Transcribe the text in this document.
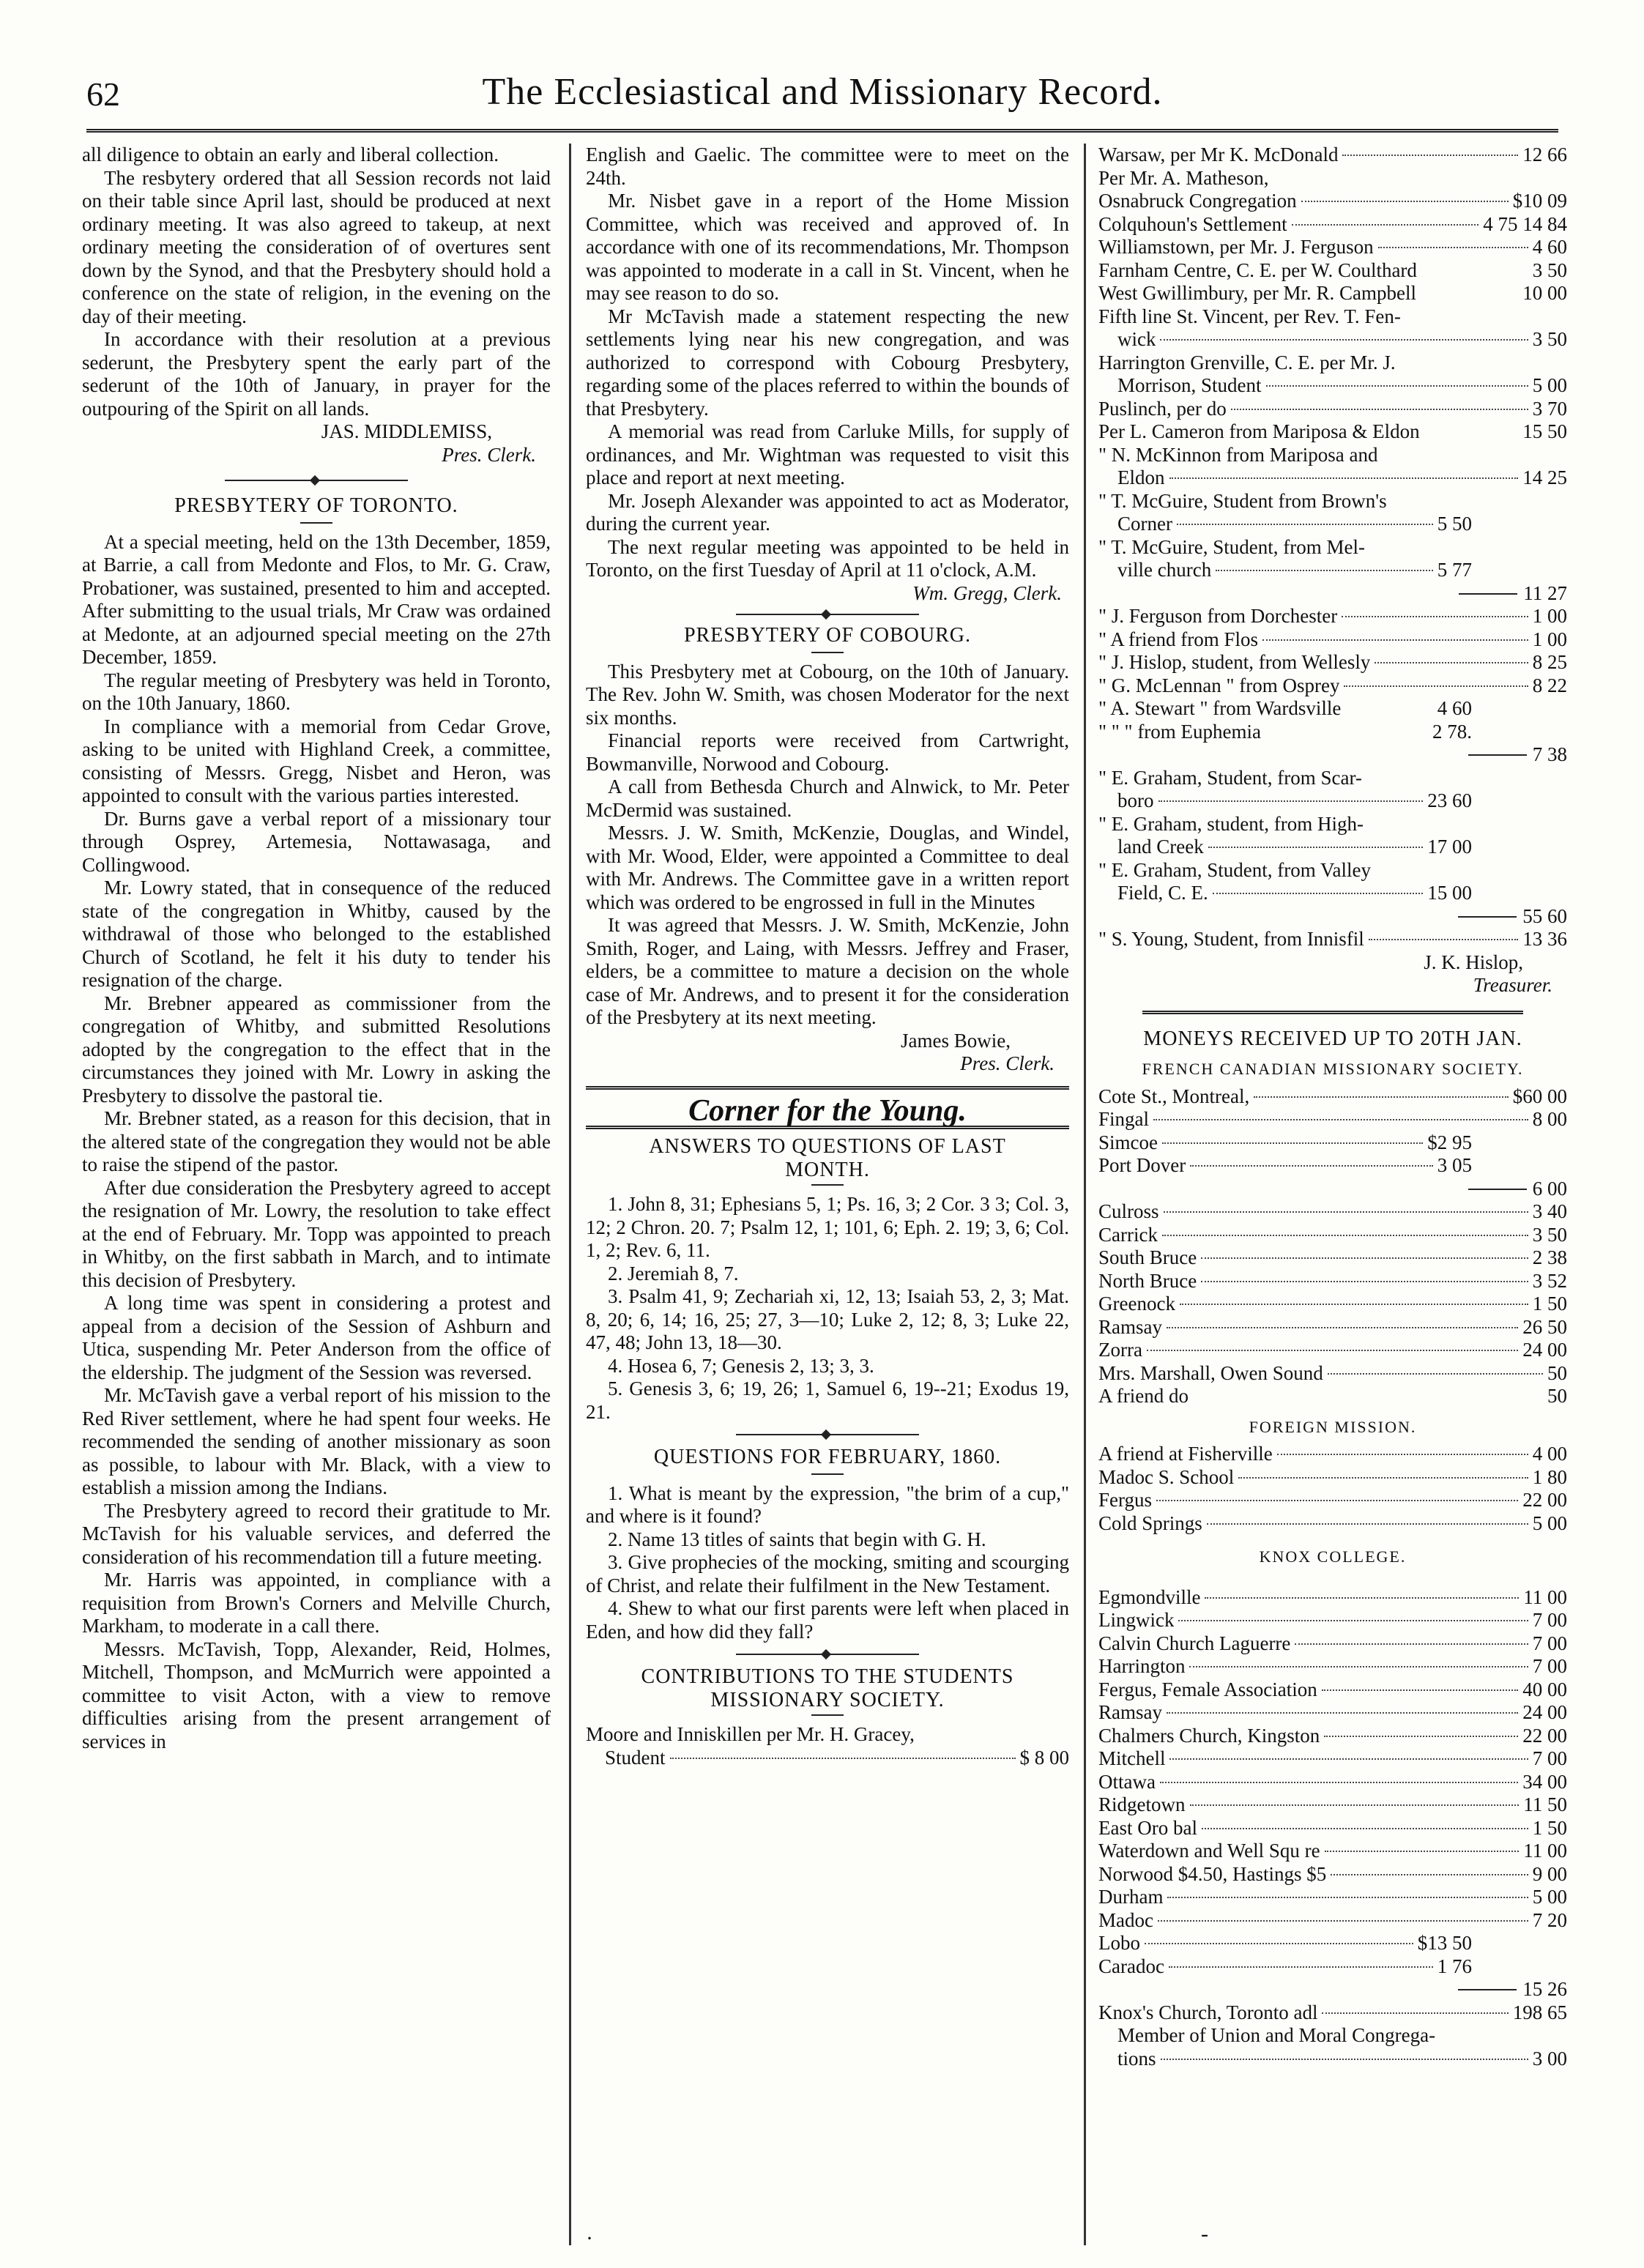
62	The Ecclesiastical and Missionary Record.

all diligence to obtain an early and liberal collection.

The resbytery ordered that all Session records not laid on their table since April last, should be produced at next ordinary meeting. It was also agreed to takeup, at next ordinary meeting the consideration of of overtures sent down by the Synod, and that the Presbytery should hold a conference on the state of religion, in the evening on the day of their meeting.

In accordance with their resolution at a previous sederunt, the Presbytery spent the early part of the sederunt of the 10th of January, in prayer for the outpouring of the Spirit on all lands.

JAS. MIDDLEMISS,
Pres. Clerk.
PRESBYTERY OF TORONTO.

At a special meeting, held on the 13th December, 1859, at Barrie, a call from Medonte and Flos, to Mr. G. Craw, Probationer, was sustained, presented to him and accepted. After submitting to the usual trials, Mr Craw was ordained at Medonte, at an adjourned special meeting on the 27th December, 1859.

The regular meeting of Presbytery was held in Toronto, on the 10th January, 1860.

In compliance with a memorial from Cedar Grove, asking to be united with Highland Creek, a committee, consisting of Messrs. Gregg, Nisbet and Heron, was appointed to consult with the various parties interested.

Dr. Burns gave a verbal report of a missionary tour through Osprey, Artemesia, Nottawasaga, and Collingwood.

Mr. Lowry stated, that in consequence of the reduced state of the congregation in Whitby, caused by the withdrawal of those who belonged to the established Church of Scotland, he felt it his duty to tender his resignation of the charge.

Mr. Brebner appeared as commissioner from the congregation of Whitby, and submitted Resolutions adopted by the congregation to the effect that in the circumstances they joined with Mr. Lowry in asking the Presbytery to dissolve the pastoral tie.

Mr. Brebner stated, as a reason for this decision, that in the altered state of the congregation they would not be able to raise the stipend of the pastor.

After due consideration the Presbytery agreed to accept the resignation of Mr. Lowry, the resolution to take effect at the end of February. Mr. Topp was appointed to preach in Whitby, on the first sabbath in March, and to intimate this decision of Presbytery.

A long time was spent in considering a protest and appeal from a decision of the Session of Ashburn and Utica, suspending Mr. Peter Anderson from the office of the eldership. The judgment of the Session was reversed.

Mr. McTavish gave a verbal report of his mission to the Red River settlement, where he had spent four weeks. He recommended the sending of another missionary as soon as possible, to labour with Mr. Black, with a view to establish a mission among the Indians.

The Presbytery agreed to record their gratitude to Mr. McTavish for his valuable services, and deferred the consideration of his recommendation till a future meeting.

Mr. Harris was appointed, in compliance with a requisition from Brown's Corners and Melville Church, Markham, to moderate in a call there.

Messrs. McTavish, Topp, Alexander, Reid, Holmes, Mitchell, Thompson, and McMurrich were appointed a committee to visit Acton, with a view to remove difficulties arising from the present arrangement of services in

English and Gaelic. The committee were to meet on the 24th.

Mr. Nisbet gave in a report of the Home Mission Committee, which was received and approved of. In accordance with one of its recommendations, Mr. Thompson was appointed to moderate in a call in St. Vincent, when he may see reason to do so.

Mr McTavish made a statement respecting the new settlements lying near his new congregation, and was authorized to correspond with Cobourg Presbytery, regarding some of the places referred to within the bounds of that Presbytery.

A memorial was read from Carluke Mills, for supply of ordinances, and Mr. Wightman was requested to visit this place and report at next meeting.

Mr. Joseph Alexander was appointed to act as Moderator, during the current year.

The next regular meeting was appointed to be held in Toronto, on the first Tuesday of April at 11 o'clock, A.M.

Wm. Gregg, Clerk.
PRESBYTERY OF COBOURG.

This Presbytery met at Cobourg, on the 10th of January. The Rev. John W. Smith, was chosen Moderator for the next six months.

Financial reports were received from Cartwright, Bowmanville, Norwood and Cobourg.

A call from Bethesda Church and Alnwick, to Mr. Peter McDermid was sustained.

Messrs. J. W. Smith, McKenzie, Douglas, and Windel, with Mr. Wood, Elder, were appointed a Committee to deal with Mr. Andrews. The Committee gave in a written report which was ordered to be engrossed in full in the Minutes

It was agreed that Messrs. J. W. Smith, McKenzie, John Smith, Roger, and Laing, with Messrs. Jeffrey and Fraser, elders, be a committee to mature a decision on the whole case of Mr. Andrews, and to present it for the consideration of the Presbytery at its next meeting.

James Bowie,
Pres. Clerk.
Corner for the Young.
ANSWERS TO QUESTIONS OF LAST MONTH.

1. John 8, 31; Ephesians 5, 1; Ps. 16, 3; 2 Cor. 3 3; Col. 3, 12; 2 Chron. 20. 7; Psalm 12, 1; 101, 6; Eph. 2. 19; 3, 6; Col. 1, 2; Rev. 6, 11.

2. Jeremiah 8, 7.

3. Psalm 41, 9; Zechariah xi, 12, 13; Isaiah 53, 2, 3; Mat. 8, 20; 6, 14; 16, 25; 27, 3—10; Luke 2, 12; 8, 3; Luke 22, 47, 48; John 13, 18—30.

4. Hosea 6, 7; Genesis 2, 13; 3, 3.

5. Genesis 3, 6; 19, 26; 1, Samuel 6, 19--21; Exodus 19, 21.

QUESTIONS FOR FEBRUARY, 1860.

1. What is meant by the expression, "the brim of a cup," and where is it found?

2. Name 13 titles of saints that begin with G. H.

3. Give prophecies of the mocking, smiting and scourging of Christ, and relate their fulfilment in the New Testament.

4. Shew to what our first parents were left when placed in Eden, and how did they fall?

CONTRIBUTIONS TO THE STUDENTS MISSIONARY SOCIETY.
Moore and Inniskillen per Mr. H. Gracey,
Student	$ 8 00
Warsaw, per Mr K. McDonald	12 66
Per Mr. A. Matheson,
Osnabruck Congregation	$10 09
Colquhoun's Settlement	4 75 14 84
Williamstown, per Mr. J. Ferguson	4 60
Farnham Centre, C. E. per W. Coulthard	3 50
West Gwillimbury, per Mr. R. Campbell	10 00
Fifth line St. Vincent, per Rev. T. Fen-
wick	3 50
Harrington Grenville, C. E. per Mr. J.
Morrison, Student	5 00
Puslinch, per do	3 70
Per L. Cameron from Mariposa & Eldon	15 50
" N. McKinnon from Mariposa and
Eldon	14 25
" T. McGuire, Student from Brown's
Corner	5 50
" T. McGuire, Student, from Mel-
ville church	5 77
11 27
" J. Ferguson from Dorchester	1 00
" A friend from Flos	1 00
" J. Hislop, student, from Wellesly	8 25
" G. McLennan " from Osprey	8 22
" A. Stewart " from Wardsville	4 60
" " " from Euphemia	2 78.
7 38
" E. Graham, Student, from Scar-
boro	23 60
" E. Graham, student, from High-
land Creek	17 00
" E. Graham, Student, from Valley
Field, C. E.	15 00
55 60
" S. Young, Student, from Innisfil	13 36
J. K. Hislop,
Treasurer.
MONEYS RECEIVED UP TO 20TH JAN.
FRENCH CANADIAN MISSIONARY SOCIETY.
Cote St., Montreal,	$60 00
Fingal	8 00
Simcoe	$2 95
Port Dover	3 05
6 00
Culross	3 40
Carrick	3 50
South Bruce	2 38
North Bruce	3 52
Greenock	1 50
Ramsay	26 50
Zorra	24 00
Mrs. Marshall, Owen Sound	50
A friend do	50
FOREIGN MISSION.
A friend at Fisherville	4 00
Madoc S. School	1 80
Fergus	22 00
Cold Springs	5 00
KNOX COLLEGE.
Egmondville	11 00
Lingwick	7 00
Calvin Church Laguerre	7 00
Harrington	7 00
Fergus, Female Association	40 00
Ramsay	24 00
Chalmers Church, Kingston	22 00
Mitchell	7 00
Ottawa	34 00
Ridgetown	11 50
East Oro bal	1 50
Waterdown and Well Squ re	11 00
Norwood $4.50, Hastings $5	9 00
Durham	5 00
Madoc	7 20
Lobo	$13 50
Caradoc	1 76
15 26
Knox's Church, Toronto adl	198 65
Member of Union and Moral Congrega-
tions	3 00
·	-
